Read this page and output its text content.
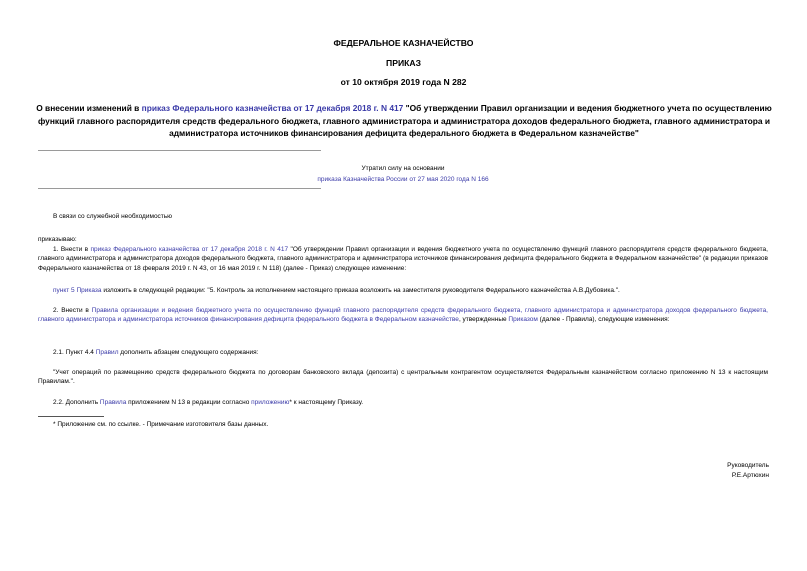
ФЕДЕРАЛЬНОЕ КАЗНАЧЕЙСТВО
ПРИКАЗ
от 10 октября 2019 года N 282
О внесении изменений в приказ Федерального казначейства от 17 декабря 2018 г. N 417 "Об утверждении Правил организации и ведения бюджетного учета по осуществлению функций главного распорядителя средств федерального бюджета, главного администратора и администратора доходов федерального бюджета, главного администратора и администратора источников финансирования дефицита федерального бюджета в Федеральном казначействе"
Утратил силу на основании
приказа Казначейства России от 27 мая 2020 года N 166
В связи со служебной необходимостью
приказываю:
1. Внести в приказ Федерального казначейства от 17 декабря 2018 г. N 417 "Об утверждении Правил организации и ведения бюджетного учета по осуществлению функций главного распорядителя средств федерального бюджета, главного администратора и администратора доходов федерального бюджета, главного администратора и администратора источников финансирования дефицита федерального бюджета в Федеральном казначействе" (в редакции приказов Федерального казначейства от 18 февраля 2019 г. N 43, от 16 мая 2019 г. N 118) (далее - Приказ) следующее изменение:
пункт 5 Приказа изложить в следующей редакции: "5. Контроль за исполнением настоящего приказа возложить на заместителя руководителя Федерального казначейства А.В.Дубовика.".
2. Внести в Правила организации и ведения бюджетного учета по осуществлению функций главного распорядителя средств федерального бюджета, главного администратора и администратора доходов федерального бюджета, главного администратора и администратора источников финансирования дефицита федерального бюджета в Федеральном казначействе, утвержденные Приказом (далее - Правила), следующие изменения:
2.1. Пункт 4.4 Правил дополнить абзацем следующего содержания:
"Учет операций по размещению средств федерального бюджета по договорам банковского вклада (депозита) с центральным контрагентом осуществляется Федеральным казначейством согласно приложению N 13 к настоящим Правилам.".
2.2. Дополнить Правила приложением N 13 в редакции согласно приложению* к настоящему Приказу.
* Приложение см. по ссылке. - Примечание изготовителя базы данных.
Руководитель
Р.Е.Артюхин
